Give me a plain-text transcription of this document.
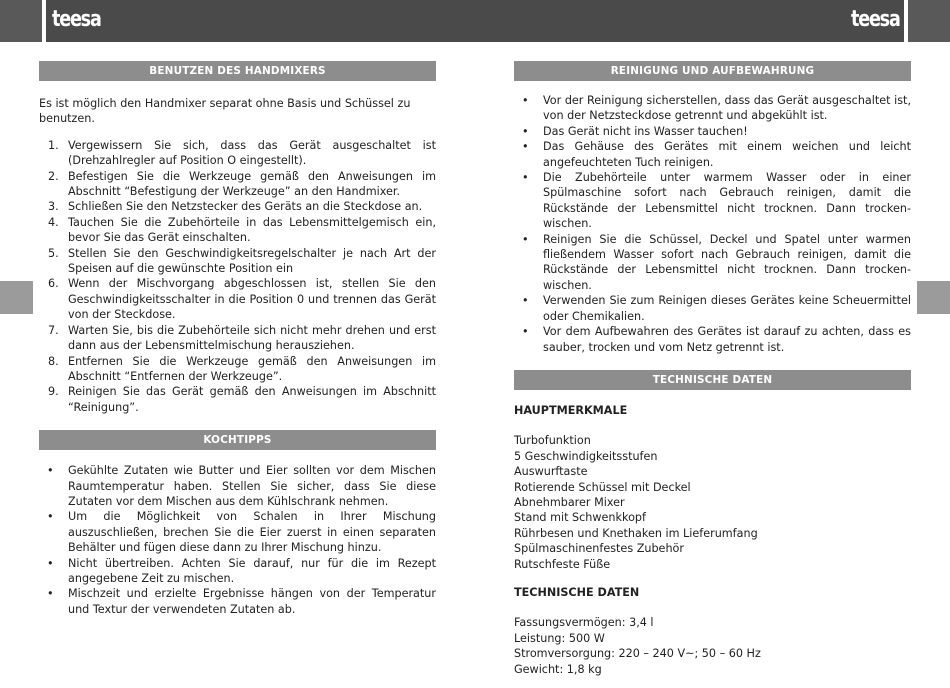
teesa	teesa
BENUTZEN DES HANDMIXERS

Es ist möglich den Handmixer separat ohne Basis und Schüssel zu benutzen.

1. Vergewissern Sie sich, dass das Gerät ausgeschaltet ist (Drehzahlregler auf Position O eingestellt).
2. Befestigen Sie die Werkzeuge gemäß den Anweisungen im Abschnitt “Befestigung der Werkzeuge” an den Handmixer.
3. Schließen Sie den Netzstecker des Geräts an die Steckdose an.
4. Tauchen Sie die Zubehörteile in das Lebensmittelgemisch ein, bevor Sie das Gerät einschalten.
5. Stellen Sie den Geschwindigkeitsregelschalter je nach Art der Speisen auf die gewünschte Position ein
6. Wenn der Mischvorgang abgeschlossen ist, stellen Sie den Geschwindigkeitsschalter in die Position 0 und trennen das Gerät von der Steckdose.
7. Warten Sie, bis die Zubehörteile sich nicht mehr drehen und erst dann aus der Lebensmittelmischung herausziehen.
8. Entfernen Sie die Werkzeuge gemäß den Anweisungen im Abschnitt “Entfernen der Werkzeuge”.
9. Reinigen Sie das Gerät gemäß den Anweisungen im Abschnitt “Reinigung”.
KOCHTIPPS
• Gekühlte Zutaten wie Butter und Eier sollten vor dem Mischen Raumtemperatur haben. Stellen Sie sicher, dass Sie diese Zutaten vor dem Mischen aus dem Kühlschrank nehmen.
• Um die Möglichkeit von Schalen in Ihrer Mischung auszuschließen, brechen Sie die Eier zuerst in einen separaten Behälter und fügen diese dann zu Ihrer Mischung hinzu.
• Nicht übertreiben. Achten Sie darauf, nur für die im Rezept angegebene Zeit zu mischen.
• Mischzeit und erzielte Ergebnisse hängen von der Temperatur und Textur der verwendeten Zutaten ab.
REINIGUNG UND AUFBEWAHRUNG
• Vor der Reinigung sicherstellen, dass das Gerät ausgeschaltet ist, von der Netzsteckdose getrennt und abgekühlt ist.
• Das Gerät nicht ins Wasser tauchen!
• Das Gehäuse des Gerätes mit einem weichen und leicht angefeuchteten Tuch reinigen.
• Die Zubehörteile unter warmem Wasser oder in einer Spülmaschine sofort nach Gebrauch reinigen, damit die Rückstände der Lebensmittel nicht trocknen. Dann trocken-wischen.
• Reinigen Sie die Schüssel, Deckel und Spatel unter warmen fließendem Wasser sofort nach Gebrauch reinigen, damit die Rückstände der Lebensmittel nicht trocknen. Dann trocken-wischen.
• Verwenden Sie zum Reinigen dieses Gerätes keine Scheuermittel oder Chemikalien.
• Vor dem Aufbewahren des Gerätes ist darauf zu achten, dass es sauber, trocken und vom Netz getrennt ist.
TECHNISCHE DATEN

HAUPTMERKMALE

Turbofunktion

5 Geschwindigkeitsstufen

Auswurftaste

Rotierende Schüssel mit Deckel

Abnehmbarer Mixer

Stand mit Schwenkkopf

Rührbesen und Knethaken im Lieferumfang

Spülmaschinenfestes Zubehör

Rutschfeste Füße

TECHNISCHE DATEN

Fassungsvermögen: 3,4 l

Leistung: 500 W

Stromversorgung: 220 – 240 V~; 50 – 60 Hz

Gewicht: 1,8 kg
